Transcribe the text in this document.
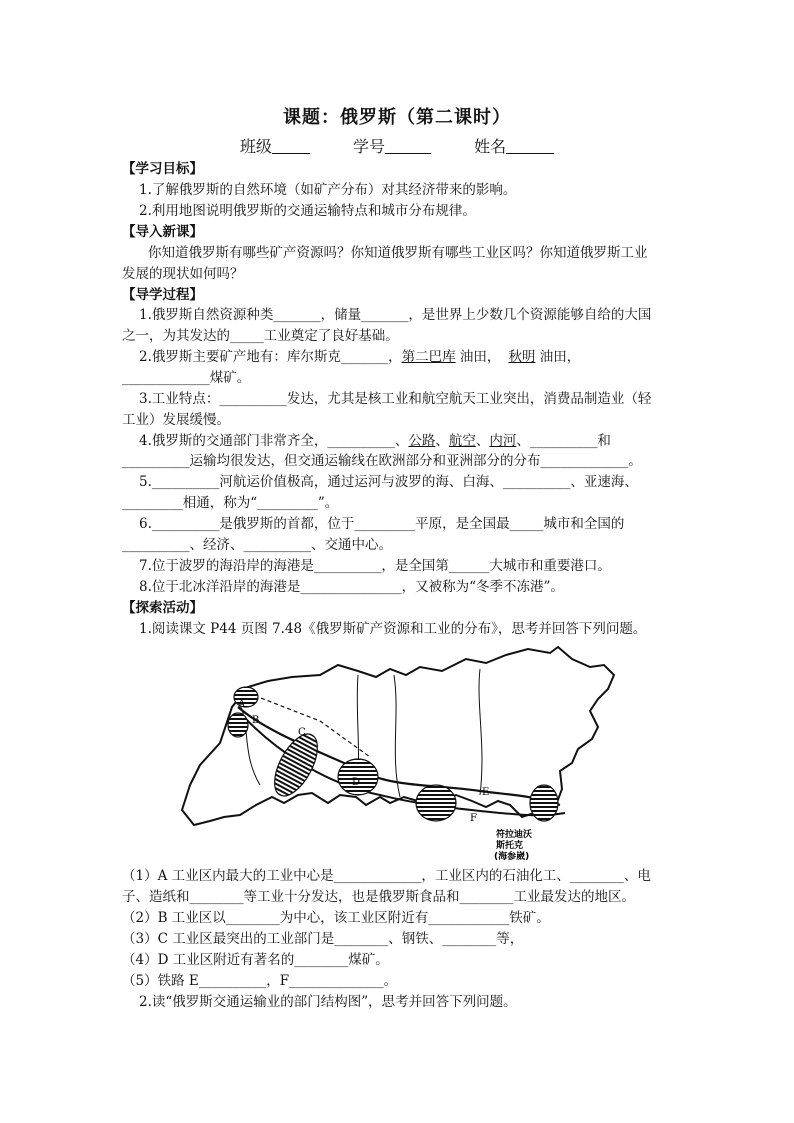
课题：俄罗斯（第二课时）
班级	学号	姓名
【学习目标】
1.了解俄罗斯的自然环境（如矿产分布）对其经济带来的影响。
2.利用地图说明俄罗斯的交通运输特点和城市分布规律。
【导入新课】
你知道俄罗斯有哪些矿产资源吗？你知道俄罗斯有哪些工业区吗？你知道俄罗斯工业
发展的现状如何吗？
【导学过程】
1.俄罗斯自然资源种类_______，储量_______，是世界上少数几个资源能够自给的大国
之一，为其发达的_____工业奠定了良好基础。
2.俄罗斯主要矿产地有：库尔斯克_______，第二巴库 油田， 秋明 油田，
_____________煤矿。
3.工业特点：__________发达，尤其是核工业和航空航天工业突出，消费品制造业（轻
工业）发展缓慢。
4.俄罗斯的交通部门非常齐全，__________、公路、航空、内河、__________和
__________运输均很发达，但交通运输线在欧洲部分和亚洲部分的分布_____________。
5.__________河航运价值极高，通过运河与波罗的海、白海、__________、亚速海、
_________相通，称为“_________”。
6.__________是俄罗斯的首都，位于_________平原，是全国最_____城市和全国的
__________、经济、__________、交通中心。
7.位于波罗的海沿岸的海港是__________，是全国第______大城市和重要港口。
8.位于北冰洋沿岸的海港是_______________，又被称为“冬季不冻港”。
【探索活动】
1.阅读课文 P44 页图 7.48《俄罗斯矿产资源和工业的分布》，思考并回答下列问题。
A
B
C
D
E
F
符拉迪沃
斯托克
(海参崴)
（1）A 工业区内最大的工业中心是_____________，工业区内的石油化工、________、电
子、造纸和________等工业十分发达，也是俄罗斯食品和________工业最发达的地区。
（2）B 工业区以________为中心，该工业区附近有____________铁矿。
（3）C 工业区最突出的工业部门是________、钢铁、________等，
（4）D 工业区附近有著名的________煤矿。
（5）铁路 E__________，F______________。
2.读“俄罗斯交通运输业的部门结构图”，思考并回答下列问题。
